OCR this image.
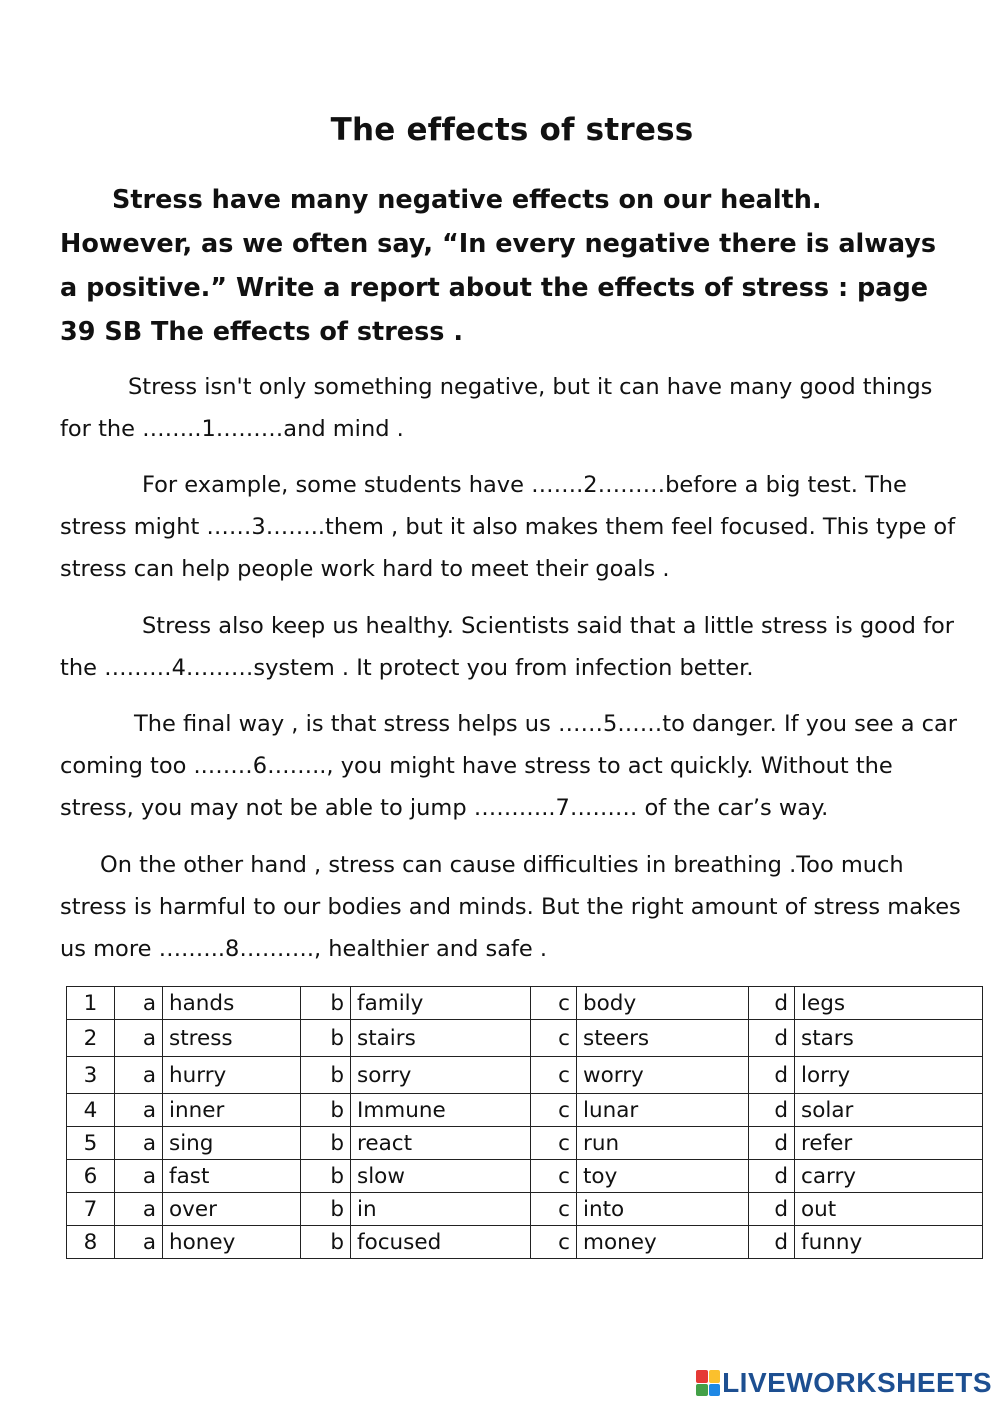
The effects of stress
Stress have many negative effects on our health. However, as we often say, “In every negative there is always a positive.” Write a report about the effects of stress : page 39 SB The effects of stress .

Stress isn't only something negative, but it can have many good things for the ……..1………and mind .

For example, some students have …….2………before a big test. The stress might ……3……..them , but it also makes them feel focused. This type of stress can help people work hard to meet their goals .

Stress also keep us healthy. Scientists said that a little stress is good for the ………4………system . It protect you from infection better.

The final way , is that stress helps us ……5……to danger. If you see a car coming too ..……6…….., you might have stress to act quickly. Without the stress, you may not be able to jump ………..7……… of the car’s way.

On the other hand , stress can cause difficulties in breathing .Too much stress is harmful to our bodies and minds. But the right amount of stress makes us more ….…..8………., healthier and safe .

1	a	hands	b	family	c	body	d	legs
2	a	stress	b	stairs	c	steers	d	stars
3	a	hurry	b	sorry	c	worry	d	lorry
4	a	inner	b	Immune	c	lunar	d	solar
5	a	sing	b	react	c	run	d	refer
6	a	fast	b	slow	c	toy	d	carry
7	a	over	b	in	c	into	d	out
8	a	honey	b	focused	c	money	d	funny
LIVEWORKSHEETS
